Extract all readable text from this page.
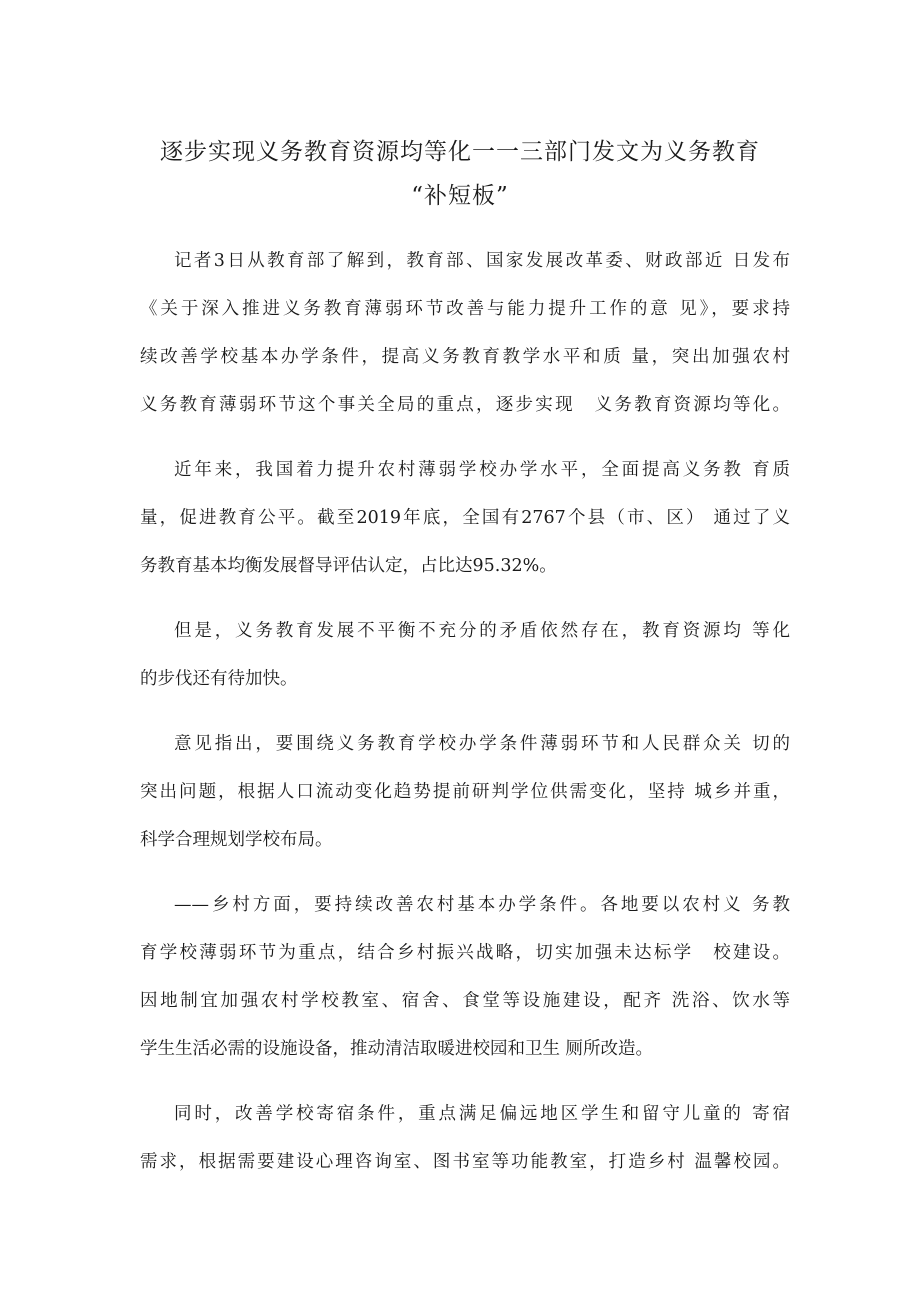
逐步实现义务教育资源均等化一一三部门发文为义务教育
“补短板”

记者3日从教育部了解到，教育部、国家发展改革委、财政部近 日发布

《关于深入推进义务教育薄弱环节改善与能力提升工作的意 见》，要求持

续改善学校基本办学条件，提高义务教育教学水平和质 量，突出加强农村

义务教育薄弱环节这个事关全局的重点，逐步实现　义务教育资源均等化。

近年来，我国着力提升农村薄弱学校办学水平，全面提高义务教 育质

量，促进教育公平。截至2019年底，全国有2767个县（市、区） 通过了义

务教育基本均衡发展督导评估认定，占比达95.32%。

但是，义务教育发展不平衡不充分的矛盾依然存在，教育资源均 等化

的步伐还有待加快。

意见指出，要围绕义务教育学校办学条件薄弱环节和人民群众关 切的

突出问题，根据人口流动变化趋势提前研判学位供需变化，坚持 城乡并重，

科学合理规划学校布局。

——乡村方面，要持续改善农村基本办学条件。各地要以农村义 务教

育学校薄弱环节为重点，结合乡村振兴战略，切实加强未达标学　校建设。

因地制宜加强农村学校教室、宿舍、食堂等设施建设，配齐 洗浴、饮水等

学生生活必需的设施设备，推动清洁取暖进校园和卫生 厕所改造。

同时，改善学校寄宿条件，重点满足偏远地区学生和留守儿童的 寄宿

需求，根据需要建设心理咨询室、图书室等功能教室，打造乡村 温馨校园。
